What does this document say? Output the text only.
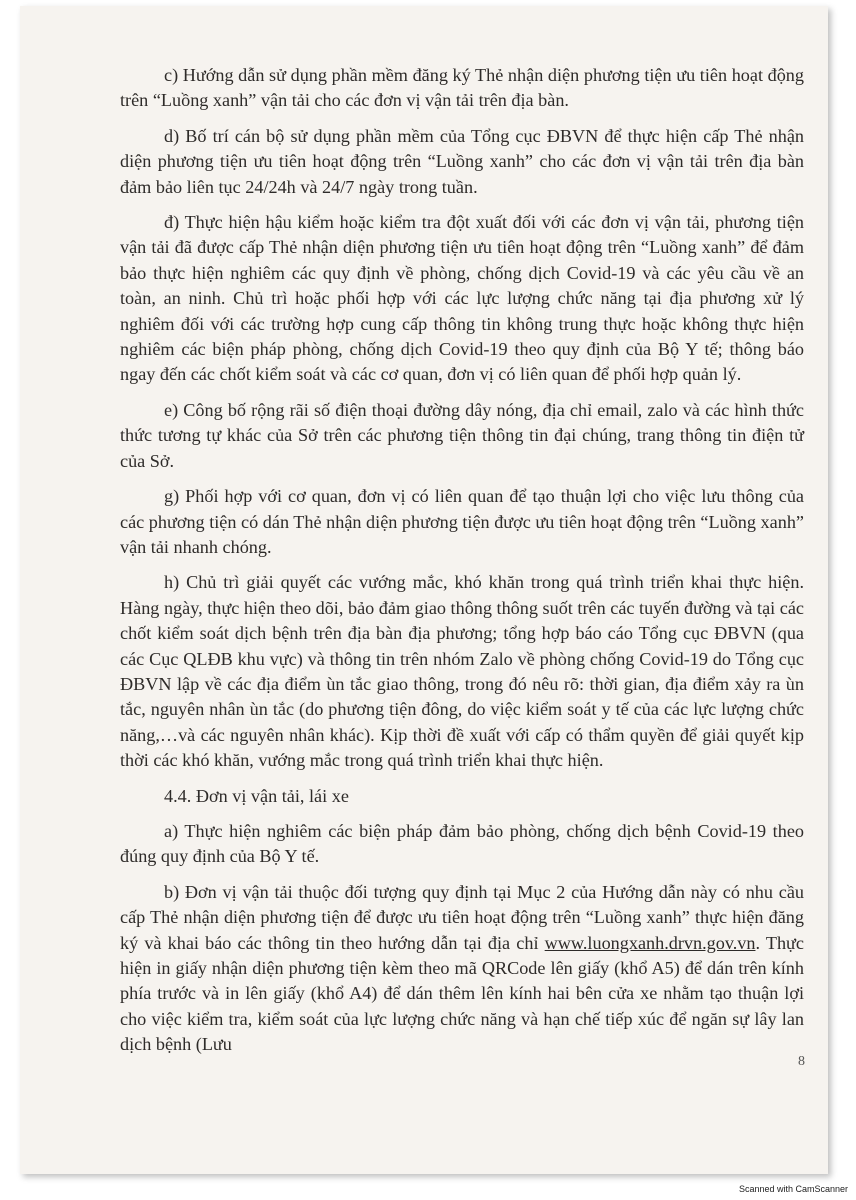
c) Hướng dẫn sử dụng phần mềm đăng ký Thẻ nhận diện phương tiện ưu tiên hoạt động trên “Luồng xanh” vận tải cho các đơn vị vận tải trên địa bàn.

d) Bố trí cán bộ sử dụng phần mềm của Tổng cục ĐBVN để thực hiện cấp Thẻ nhận diện phương tiện ưu tiên hoạt động trên “Luồng xanh” cho các đơn vị vận tải trên địa bàn đảm bảo liên tục 24/24h và 24/7 ngày trong tuần.

đ) Thực hiện hậu kiểm hoặc kiểm tra đột xuất đối với các đơn vị vận tải, phương tiện vận tải đã được cấp Thẻ nhận diện phương tiện ưu tiên hoạt động trên “Luồng xanh” để đảm bảo thực hiện nghiêm các quy định về phòng, chống dịch Covid-19 và các yêu cầu về an toàn, an ninh. Chủ trì hoặc phối hợp với các lực lượng chức năng tại địa phương xử lý nghiêm đối với các trường hợp cung cấp thông tin không trung thực hoặc không thực hiện nghiêm các biện pháp phòng, chống dịch Covid-19 theo quy định của Bộ Y tế; thông báo ngay đến các chốt kiểm soát và các cơ quan, đơn vị có liên quan để phối hợp quản lý.

e) Công bố rộng rãi số điện thoại đường dây nóng, địa chỉ email, zalo và các hình thức thức tương tự khác của Sở trên các phương tiện thông tin đại chúng, trang thông tin điện tử của Sở.

g) Phối hợp với cơ quan, đơn vị có liên quan để tạo thuận lợi cho việc lưu thông của các phương tiện có dán Thẻ nhận diện phương tiện được ưu tiên hoạt động trên “Luồng xanh” vận tải nhanh chóng.

h) Chủ trì giải quyết các vướng mắc, khó khăn trong quá trình triển khai thực hiện. Hàng ngày, thực hiện theo dõi, bảo đảm giao thông thông suốt trên các tuyến đường và tại các chốt kiểm soát dịch bệnh trên địa bàn địa phương; tổng hợp báo cáo Tổng cục ĐBVN (qua các Cục QLĐB khu vực) và thông tin trên nhóm Zalo về phòng chống Covid-19 do Tổng cục ĐBVN lập về các địa điểm ùn tắc giao thông, trong đó nêu rõ: thời gian, địa điểm xảy ra ùn tắc, nguyên nhân ùn tắc (do phương tiện đông, do việc kiểm soát y tế của các lực lượng chức năng,…và các nguyên nhân khác). Kịp thời đề xuất với cấp có thẩm quyền để giải quyết kịp thời các khó khăn, vướng mắc trong quá trình triển khai thực hiện.

4.4. Đơn vị vận tải, lái xe

a) Thực hiện nghiêm các biện pháp đảm bảo phòng, chống dịch bệnh Covid-19 theo đúng quy định của Bộ Y tế.

b) Đơn vị vận tải thuộc đối tượng quy định tại Mục 2 của Hướng dẫn này có nhu cầu cấp Thẻ nhận diện phương tiện để được ưu tiên hoạt động trên “Luồng xanh” thực hiện đăng ký và khai báo các thông tin theo hướng dẫn tại địa chỉ www.luongxanh.drvn.gov.vn. Thực hiện in giấy nhận diện phương tiện kèm theo mã QRCode lên giấy (khổ A5) để dán trên kính phía trước và in lên giấy (khổ A4) để dán thêm lên kính hai bên cửa xe nhằm tạo thuận lợi cho việc kiểm tra, kiểm soát của lực lượng chức năng và hạn chế tiếp xúc để ngăn sự lây lan dịch bệnh (Lưu

8
Scanned with CamScanner
